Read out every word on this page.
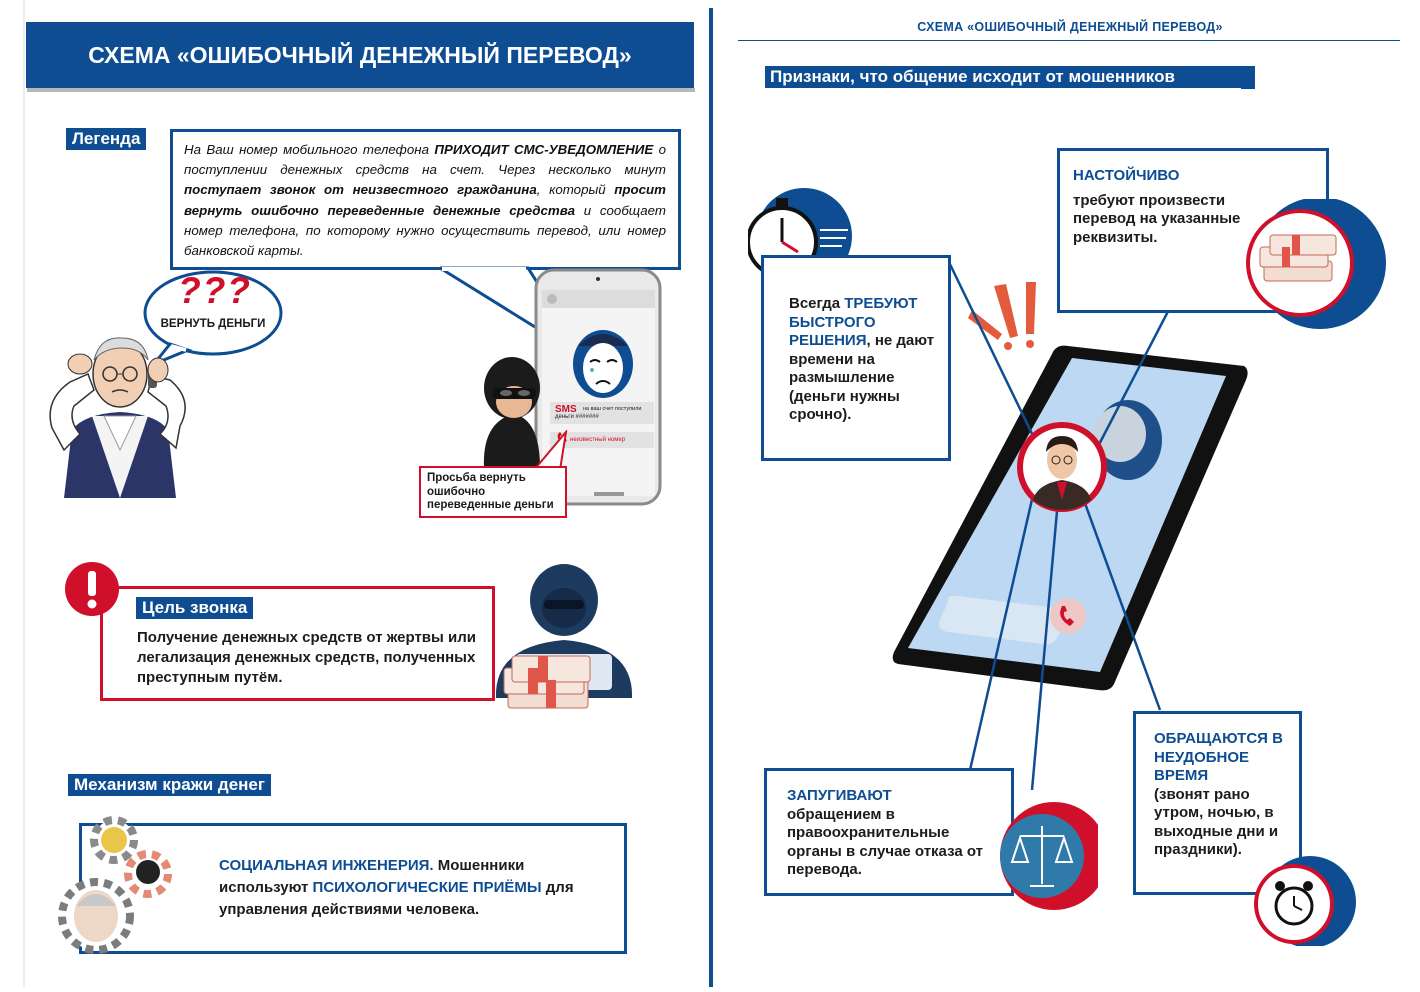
СХЕМА «ОШИБОЧНЫЙ ДЕНЕЖНЫЙ ПЕРЕВОД»
Легенда
На Ваш номер мобильного телефона ПРИХОДИТ СМС-УВЕДОМЛЕНИЕ о поступлении денежных средств на счет. Через несколько минут поступает звонок от неизвестного гражданина, который просит вернуть ошибочно переведенные денежные средства и сообщает номер телефона, по которому нужно осуществить перевод, или номер банковской карты.
???
ВЕРНУТЬ ДЕНЬГИ
SMS на ваш счет поступили
деньги #######
неизвестный номер
Просьба вернуть ошибочно переведенные деньги
Цель звонка
Получение денежных средств от жертвы или легализация денежных средств, полученных преступным путём.
Механизм кражи денег
СОЦИАЛЬНАЯ ИНЖЕНЕРИЯ. Мошенники используют ПСИХОЛОГИЧЕСКИЕ ПРИЁМЫ для управления действиями человека.
СХЕМА «ОШИБОЧНЫЙ ДЕНЕЖНЫЙ ПЕРЕВОД»
Признаки, что общение исходит от мошенников
Всегда ТРЕБУЮТ БЫСТРОГО РЕШЕНИЯ, не дают времени на размышление (деньги нужны срочно).
НАСТОЙЧИВО
требуют произвести перевод на указанные реквизиты.
ЗАПУГИВАЮТ
обращением в правоохранительные органы в случае отказа от перевода.
ОБРАЩАЮТСЯ В НЕУДОБНОЕ ВРЕМЯ
(звонят рано утром, ночью, в выходные дни и праздники).
